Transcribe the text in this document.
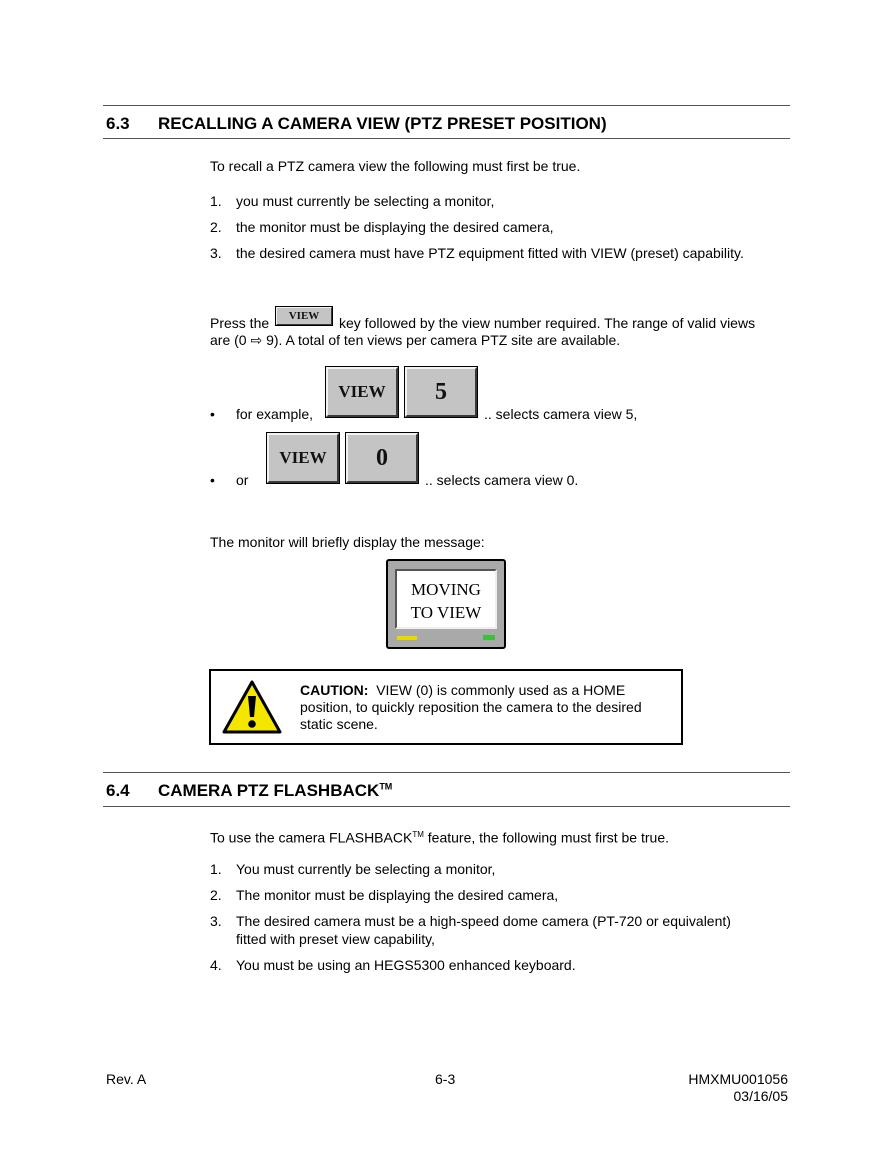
6.3 RECALLING A CAMERA VIEW (PTZ PRESET POSITION)
To recall a PTZ camera view the following must first be true.
1. you must currently be selecting a monitor,
2. the monitor must be displaying the desired camera,
3. the desired camera must have PTZ equipment fitted with VIEW (preset) capability.
Press the	VIEW	key followed by the view number required. The range of valid views
are (0 ⇨ 9). A total of ten views per camera PTZ site are available.
• for example,
VIEW	5
.. selects camera view 5,
• or
VIEW	0
.. selects camera view 0.
The monitor will briefly display the message:
MOVING
TO VIEW
CAUTION: VIEW (0) is commonly used as a HOME position, to quickly reposition the camera to the desired static scene.
6.4 CAMERA PTZ FLASHBACK™
To use the camera FLASHBACK™ feature, the following must first be true.
1. You must currently be selecting a monitor,
2. The monitor must be displaying the desired camera,
3. The desired camera must be a high-speed dome camera (PT-720 or equivalent)
fitted with preset view capability,
4. You must be using an HEGS5300 enhanced keyboard.
Rev. A	6-3	HMXMU001056
03/16/05
